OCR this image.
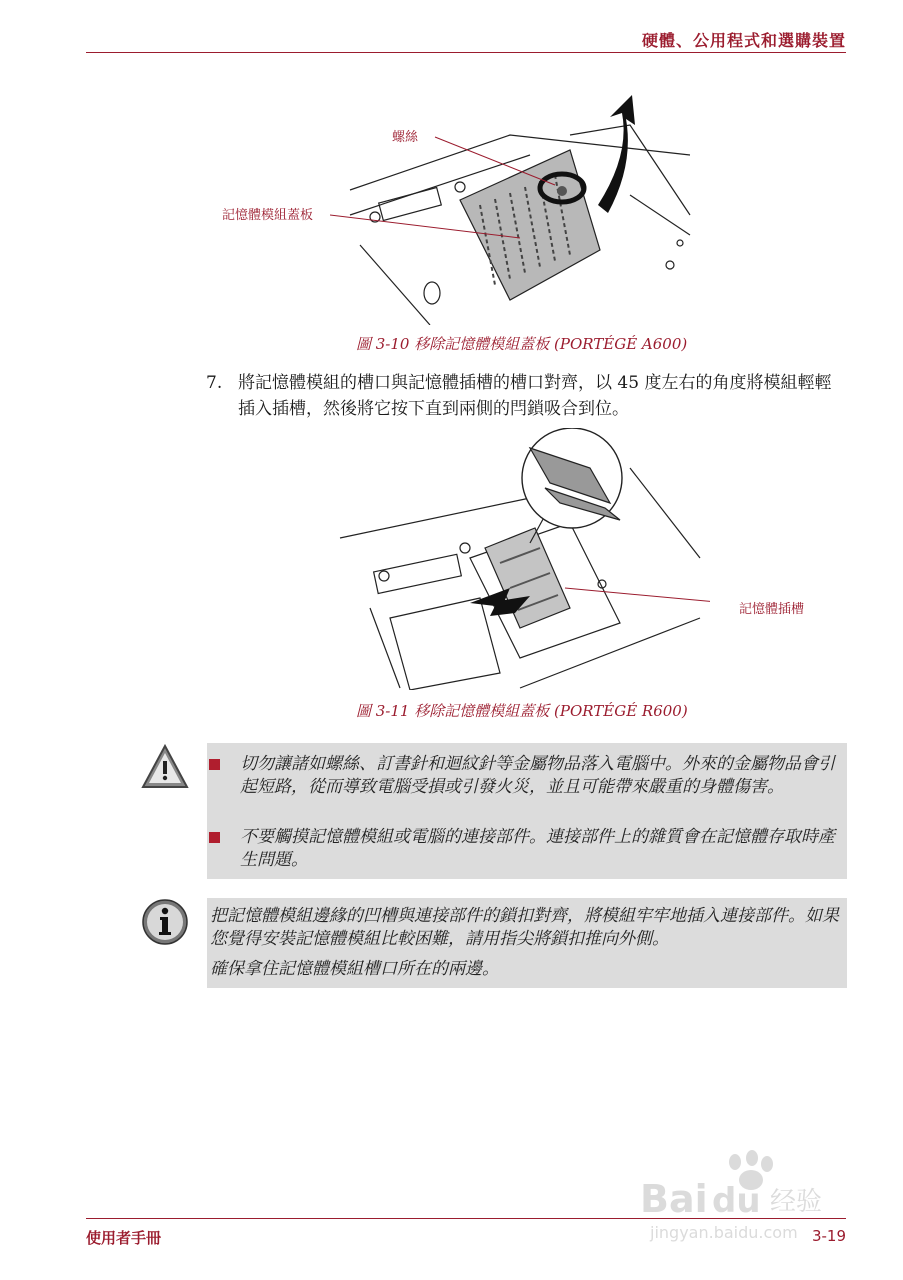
硬體、公用程式和選購裝置
螺絲
記憶體模組蓋板
圖 3-10 移除記憶體模組蓋板 (PORTÉGÉ A600)
7. 將記憶體模組的槽口與記憶體插槽的槽口對齊，以 45 度左右的角度將模組輕輕插入插槽，然後將它按下直到兩側的閂鎖吸合到位。
記憶體插槽
圖 3-11 移除記憶體模組蓋板 (PORTÉGÉ R600)
切勿讓諸如螺絲、訂書針和迴紋針等金屬物品落入電腦中。外來的金屬物品會引起短路，從而導致電腦受損或引發火災，並且可能帶來嚴重的身體傷害。
不要觸摸記憶體模組或電腦的連接部件。連接部件上的雜質會在記憶體存取時產生問題。
把記憶體模組邊緣的凹槽與連接部件的鎖扣對齊，將模組牢牢地插入連接部件。如果您覺得安裝記憶體模組比較困難，請用指尖將鎖扣推向外側。
確保拿住記憶體模組槽口所在的兩邊。
使用者手冊	3-19
Bai du 经验
jingyan.baidu.com
